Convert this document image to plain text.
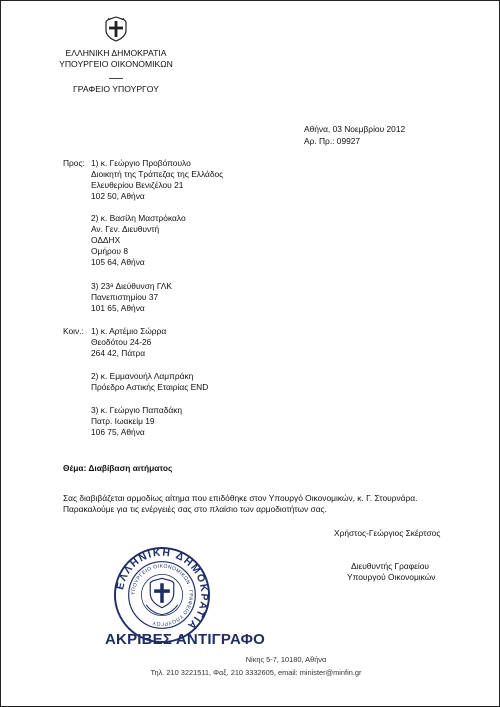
ΕΛΛΗΝΙΚΗ ΔΗΜΟΚΡΑΤΙΑ
ΥΠΟΥΡΓΕΙΟ ΟΙΚΟΝΟΜΙΚΩΝ
ΓΡΑΦΕΙΟ ΥΠΟΥΡΓΟΥ
Αθήνα, 03 Νοεμβρίου 2012
Αρ. Πρ.: 09927
Προς: 1) κ. Γεώργιο Προβόπουλο
Διοικητή της Τράπεζας της Ελλάδος
Ελευθερίου Βενιζέλου 21
102 50, Αθήνα
2) κ. Βασίλη Μαστρόκαλο
Αν. Γεν. Διευθυντή
ΟΔΔΗΧ
Ομήρου 8
105 64, Αθήνα
3) 23ᵃ Διεύθυνση ΓΛΚ
Πανεπιστημίου 37
101 65, Αθήνα
Κοιν.: 1) κ. Αρτέμιο Σώρρα
Θεοδότου 24-26
264 42, Πάτρα
2) κ. Εμμανουήλ Λαμπράκη
Πρόεδρο Αστικής Εταιρίας END
3) κ. Γεώργιο Παπαδάκη
Πατρ. Ιωακείμ 19
106 75, Αθήνα
Θέμα: Διαβίβαση αιτήματος
Σας διαβιβάζεται αρμοδίως αίτημα που επιδόθηκε στον Υπουργό Οικονομικών, κ. Γ. Στουρνάρα.
Παρακαλούμε για τις ενέργειές σας στο πλαίσιο των αρμοδιοτήτων σας.
Χρήστος-Γεώργιος Σκέρτσος
Διευθυντής Γραφείου
Υπουργού Οικονομικών
ΕΛΛΗΝΙΚΗ ΔΗΜΟΚΡΑΤΙΑ
ΥΠΟΥΡΓΕΙΟ ΟΙΚΟΝΟΜΙΚΩΝ · ΓΡΑΦΕΙΟ ΥΠΟΥΡΓΟΥ
ΑΚΡΙΒΕΣ ΑΝΤΙΓΡΑΦΟ
Νίκης 5-7, 10180, Αθήνα
Τηλ. 210 3221511, Φαξ. 210 3332605, email: minister@minfin.gr
